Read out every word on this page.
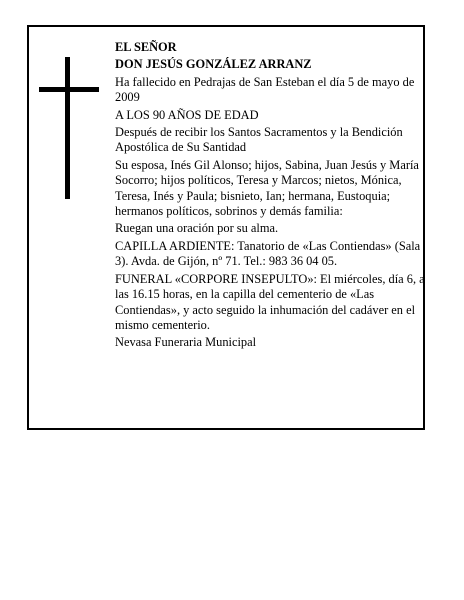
EL SEÑOR

DON JESÚS GONZÁLEZ ARRANZ

Ha fallecido en Pedrajas de San Esteban el día 5 de mayo de 2009

A LOS 90 AÑOS DE EDAD

Después de recibir los Santos Sacramentos y la Bendición Apostólica de Su Santidad

Su esposa, Inés Gil Alonso; hijos, Sabina, Juan Jesús y María Socorro; hijos políticos, Teresa y Marcos; nietos, Mónica, Teresa, Inés y Paula; bisnieto, Ian; hermana, Eustoquia; hermanos políticos, sobrinos y demás familia:

Ruegan una oración por su alma.

CAPILLA ARDIENTE: Tanatorio de «Las Contiendas» (Sala 3). Avda. de Gijón, nº 71. Tel.: 983 36 04 05.

FUNERAL «CORPORE INSEPULTO»: El miércoles, día 6, a las 16.15 horas, en la capilla del cementerio de «Las Contiendas», y acto seguido la inhumación del cadáver en el mismo cementerio.

Nevasa Funeraria Municipal
